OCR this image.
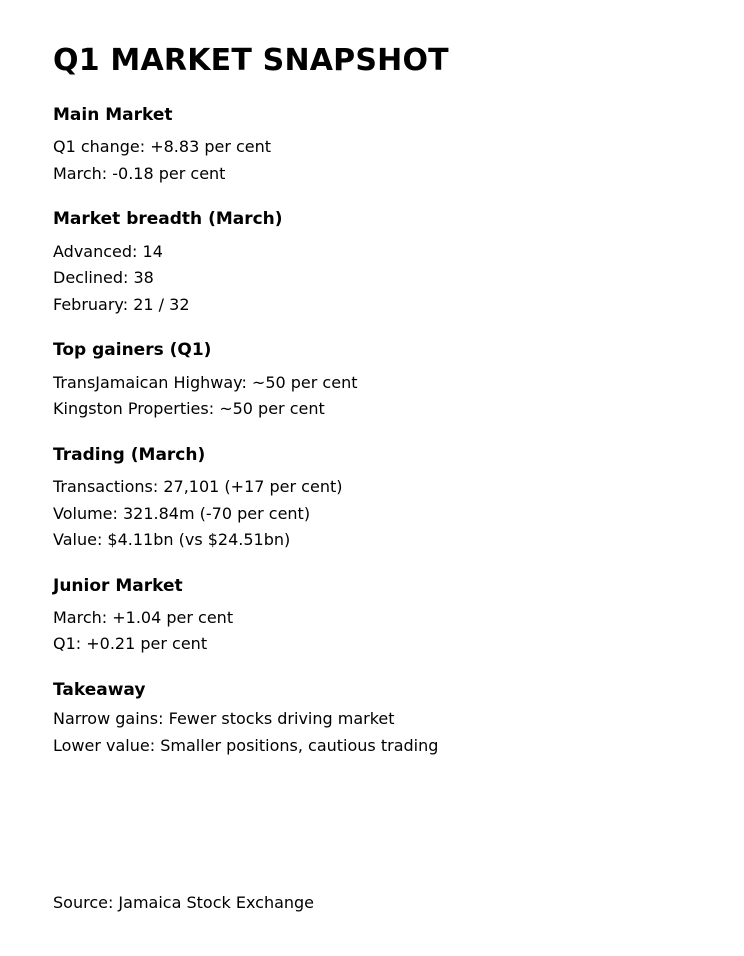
Q1 MARKET SNAPSHOT
Main Market

Q1 change: +8.83 per cent

March: -0.18 per cent

Market breadth (March)

Advanced: 14

Declined: 38

February: 21 / 32

Top gainers (Q1)

TransJamaican Highway: ~50 per cent

Kingston Properties: ~50 per cent

Trading (March)

Transactions: 27,101 (+17 per cent)

Volume: 321.84m (-70 per cent)

Value: $4.11bn (vs $24.51bn)

Junior Market

March: +1.04 per cent

Q1: +0.21 per cent

Takeaway

Narrow gains: Fewer stocks driving market

Lower value: Smaller positions, cautious trading

Source: Jamaica Stock Exchange
